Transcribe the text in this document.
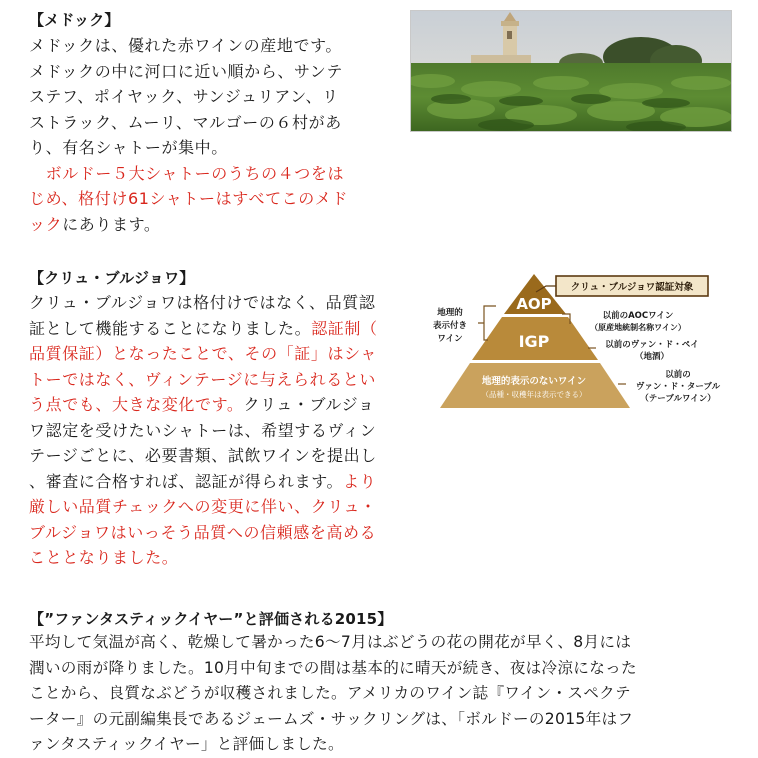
【メドック】
メドックは、優れた赤ワインの産地です。
メドックの中に河口に近い順から、サンテ
ステフ、ポイヤック、サンジュリアン、リ
ストラック、ムーリ、マルゴーの６村があ
り、有名シャトーが集中。
　ボルドー５大シャトーのうちの４つをは
じめ、格付け61シャトーはすべてこのメド
ックにあります。
【クリュ・ブルジョワ】
クリュ・ブルジョワは格付けではなく、品質認
証として機能することになりました。認証制（
品質保証）となったことで、その「証」はシャ
トーではなく、ヴィンテージに与えられるとい
う点でも、大きな変化です。クリュ・ブルジョ
ワ認定を受けたいシャトーは、希望するヴィン
テージごとに、必要書類、試飲ワインを提出し
、審査に合格すれば、認証が得られます。より
厳しい品質チェックへの変更に伴い、クリュ・
ブルジョワはいっそう品質への信頼感を高める
こととなりました。
AOP
IGP
地理的表示のないワイン
（品種・収穫年は表示できる）
クリュ・ブルジョワ認証対象
地理的
表示付き
ワイン
以前のAOCワイン
（原産地統制名称ワイン）
以前のヴァン・ド・ペイ
（地酒）
以前の
ヴァン・ド・ターブル
（テーブルワイン）
【”ファンタスティックイヤー”と評価される2015】
平均して気温が高く、乾燥して暑かった6～7月はぶどうの花の開花が早く、8月には
潤いの雨が降りました。10月中旬までの間は基本的に晴天が続き、夜は冷涼になった
ことから、良質なぶどうが収穫されました。アメリカのワイン誌『ワイン・スペクテ
ーター』の元副編集長であるジェームズ・サックリングは、「ボルドーの2015年はフ
ァンタスティックイヤー」と評価しました。
